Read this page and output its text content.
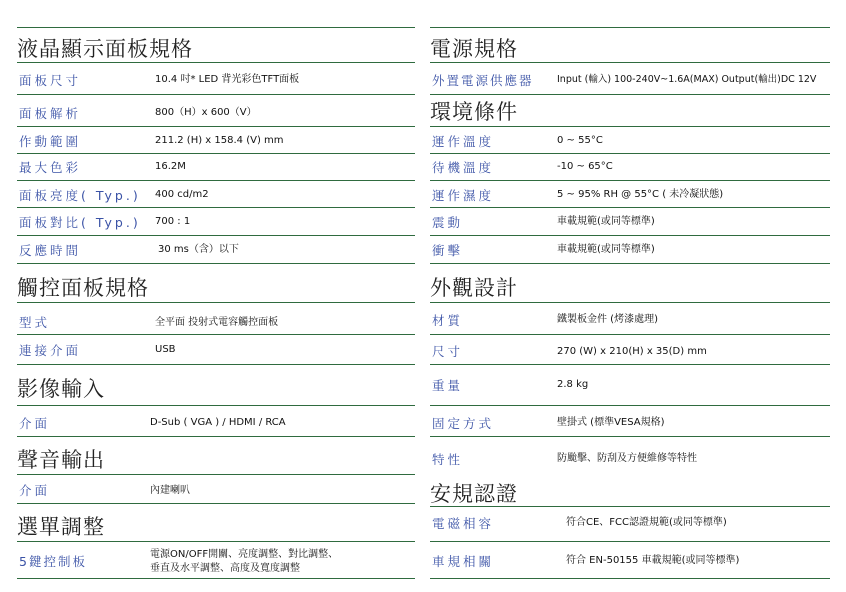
液晶顯示面板規格
面板尺寸	10.4 吋* LED 背光彩色TFT面板
面板解析	800（H）x 600（V）
作動範圍	211.2 (H) x 158.4 (V) mm
最大色彩	16.2M
面板亮度( Typ.) 400 cd/m2
面板對比( Typ.) 700 : 1
反應時間	30 ms（含）以下
觸控面板規格
型式	全平面 投射式電容觸控面板
連接介面	USB
影像輸入
介面	D-Sub ( VGA ) / HDMI / RCA
聲音輸出
介面	內建喇叭
選單調整
5鍵控制板	電源ON/OFF開關、亮度調整、對比調整、
垂直及水平調整、高度及寬度調整
電源規格
外置電源供應器 Input (輸入) 100-240V~1.6A(MAX) Output(輸出)DC 12V
環境條件
運作溫度	0 ~ 55°C
待機溫度	-10 ~ 65°C
運作濕度	5 ~ 95% RH @ 55°C ( 未冷凝狀態)
震動	車載規範(或同等標準)
衝擊	車載規範(或同等標準)
外觀設計
材質	鐵製板金件 (烤漆處理)
尺寸	270 (W) x 210(H) x 35(D) mm
重量	2.8 kg
固定方式	壁掛式 (標準VESA規格)
特性	防颱擊、防刮及方便維修等特性
安規認證
電磁相容	符合CE、FCC認證規範(或同等標準)
車規相關	符合 EN-50155 車載規範(或同等標準)
